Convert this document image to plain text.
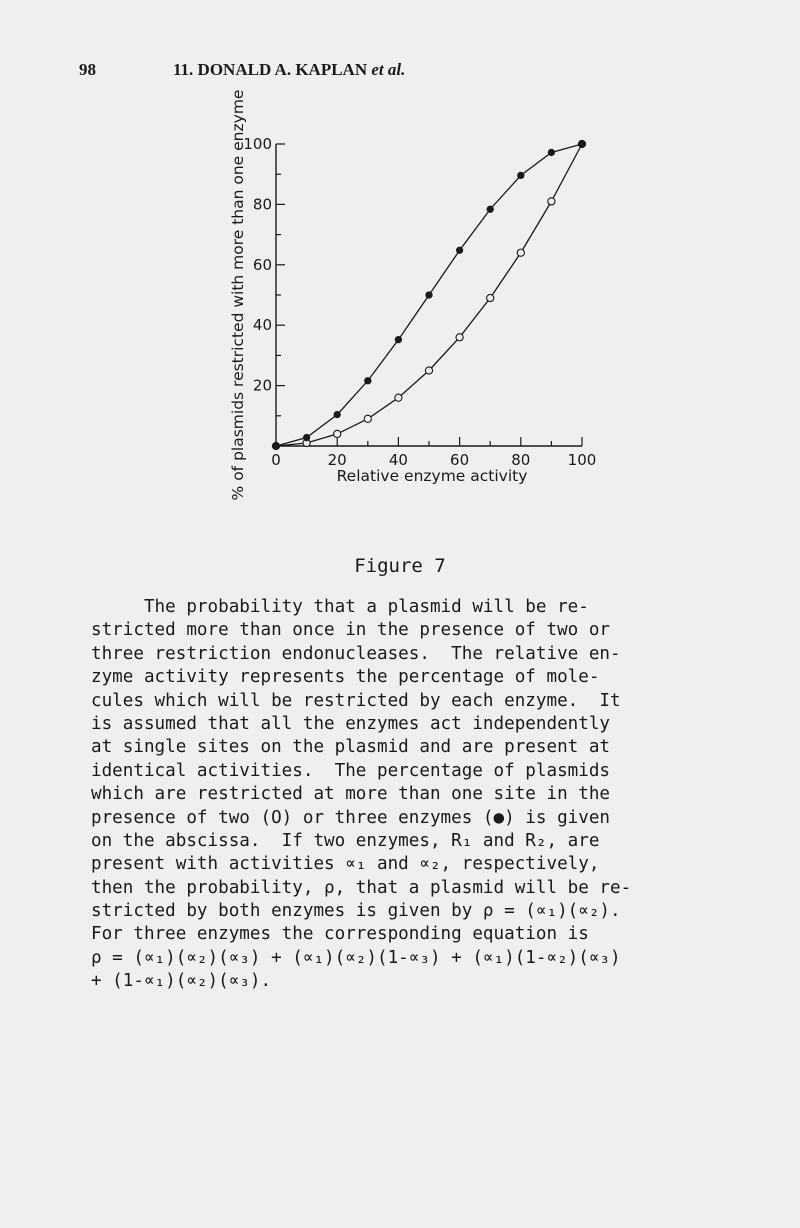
98	11. DONALD A. KAPLAN et al.
0	20	40	60	80 100
20
40
60
80
100
% of plasmids restricted with more than one enzyme	Relative enzyme activity
Figure 7
The probability that a plasmid will be re-
stricted more than once in the presence of two or
three restriction endonucleases.  The relative en-
zyme activity represents the percentage of mole-
cules which will be restricted by each enzyme.  It
is assumed that all the enzymes act independently
at single sites on the plasmid and are present at
identical activities.  The percentage of plasmids
which are restricted at more than one site in the
presence of two (O) or three enzymes (●) is given
on the abscissa.  If two enzymes, R₁ and R₂, are
present with activities ∝₁ and ∝₂, respectively,
then the probability, ρ, that a plasmid will be re-
stricted by both enzymes is given by ρ = (∝₁)(∝₂).
For three enzymes the corresponding equation is
ρ = (∝₁)(∝₂)(∝₃) + (∝₁)(∝₂)(1-∝₃) + (∝₁)(1-∝₂)(∝₃)
+ (1-∝₁)(∝₂)(∝₃).
